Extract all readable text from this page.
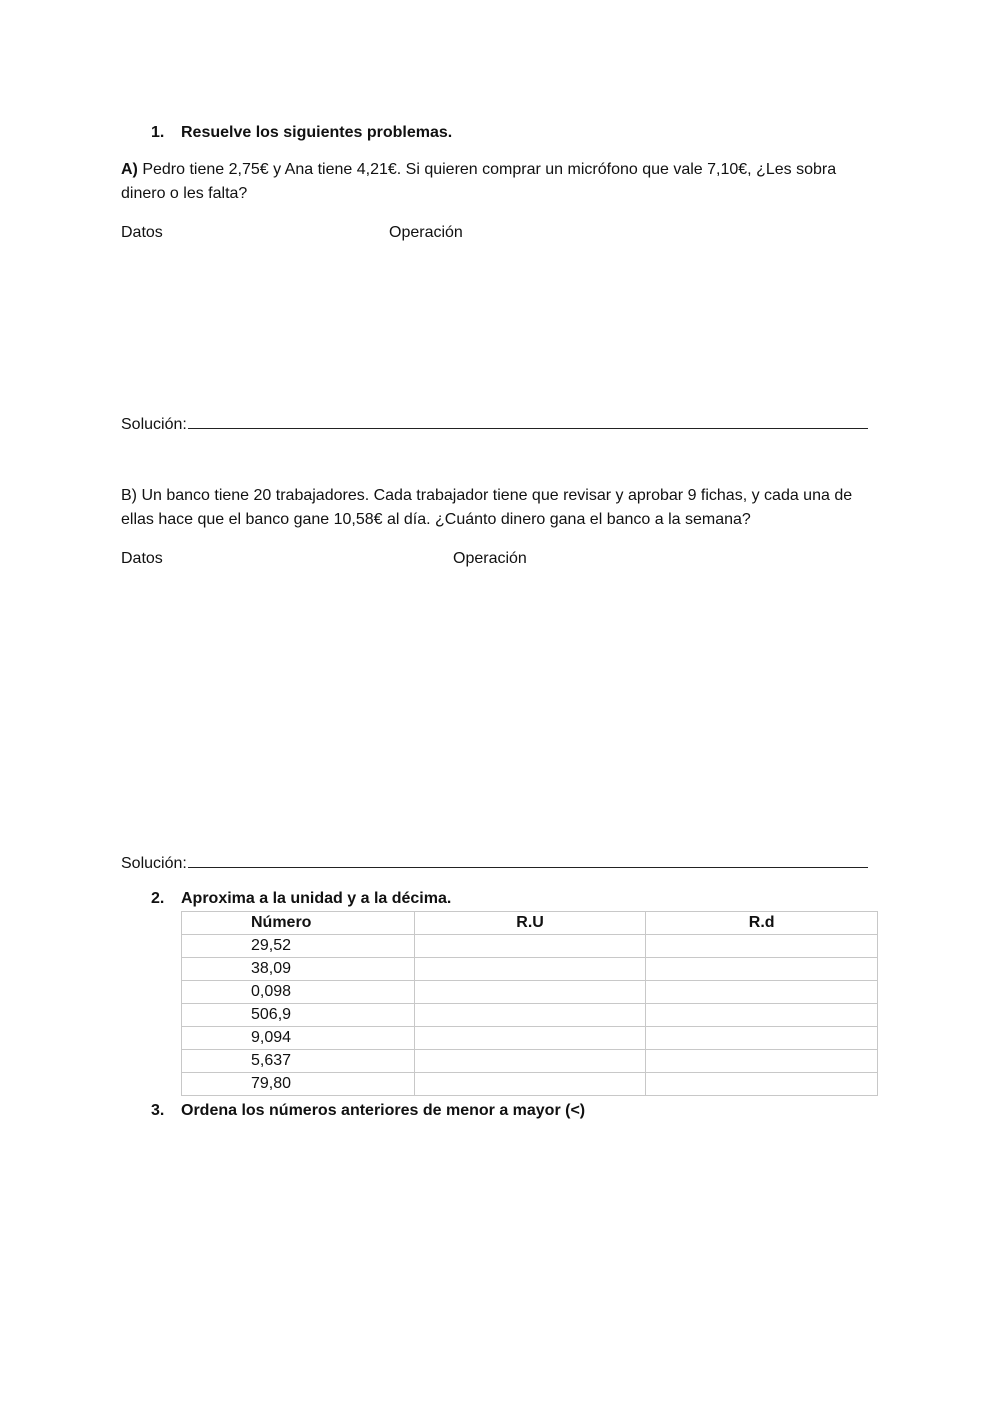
1. Resuelve los siguientes problemas.
A) Pedro tiene 2,75€ y Ana tiene 4,21€. Si quieren comprar un micrófono que vale 7,10€, ¿Les sobra dinero o les falta?
Datos	Operación
Solución:
B) Un banco tiene 20 trabajadores. Cada trabajador tiene que revisar y aprobar 9 fichas, y cada una de ellas hace que el banco gane 10,58€ al día. ¿Cuánto dinero gana el banco a la semana?
Datos	Operación
Solución:
2. Aproxima a la unidad y a la décima.
Número	R.U	R.d
29,52		
38,09		
0,098		
506,9		
9,094		
5,637		
79,80		
3. Ordena los números anteriores de menor a mayor (<)
